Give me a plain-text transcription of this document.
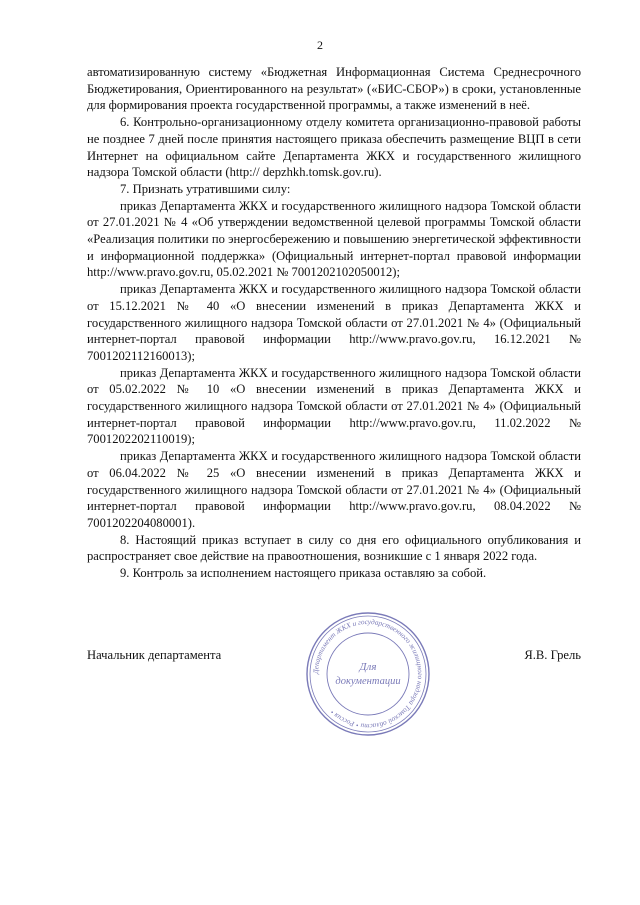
2

автоматизированную систему «Бюджетная Информационная Система Среднесрочного Бюджетирования, Ориентированного на результат» («БИС-СБОР») в сроки, установленные для формирования проекта государственной программы, а также изменений в неё.

6. Контрольно-организационному отделу комитета организационно-правовой работы не позднее 7 дней после принятия настоящего приказа обеспечить размещение ВЦП в сети Интернет на официальном сайте Департамента ЖКХ и государственного жилищного надзора Томской области (http:// depzhkh.tomsk.gov.ru).

7. Признать утратившими силу:

приказ Департамента ЖКХ и государственного жилищного надзора Томской области от 27.01.2021 № 4 «Об утверждении ведомственной целевой программы Томской области «Реализация политики по энергосбережению и повышению энергетической эффективности и информационной поддержка» (Официальный интернет-портал правовой информации http://www.pravo.gov.ru, 05.02.2021 № 7001202102050012);

приказ Департамента ЖКХ и государственного жилищного надзора Томской области от 15.12.2021 № 40 «О внесении изменений в приказ Департамента ЖКХ и государственного жилищного надзора Томской области от 27.01.2021 № 4» (Официальный интернет-портал правовой информации http://www.pravo.gov.ru, 16.12.2021 № 7001202112160013);

приказ Департамента ЖКХ и государственного жилищного надзора Томской области от 05.02.2022 № 10 «О внесении изменений в приказ Департамента ЖКХ и государственного жилищного надзора Томской области от 27.01.2021 № 4» (Официальный интернет-портал правовой информации http://www.pravo.gov.ru, 11.02.2022 № 7001202202110019);

приказ Департамента ЖКХ и государственного жилищного надзора Томской области от 06.04.2022 № 25 «О внесении изменений в приказ Департамента ЖКХ и государственного жилищного надзора Томской области от 27.01.2021 № 4» (Официальный интернет-портал правовой информации http://www.pravo.gov.ru, 08.04.2022 № 7001202204080001).

8. Настоящий приказ вступает в силу со дня его официального опубликования и распространяет свое действие на правоотношения, возникшие с 1 января 2022 года.

9. Контроль за исполнением настоящего приказа оставляю за собой.

Начальник департамента	Я.В. Грель
Департамент ЖКХ и государственного жилищного надзора Томской области • Россия •
Для
документации
